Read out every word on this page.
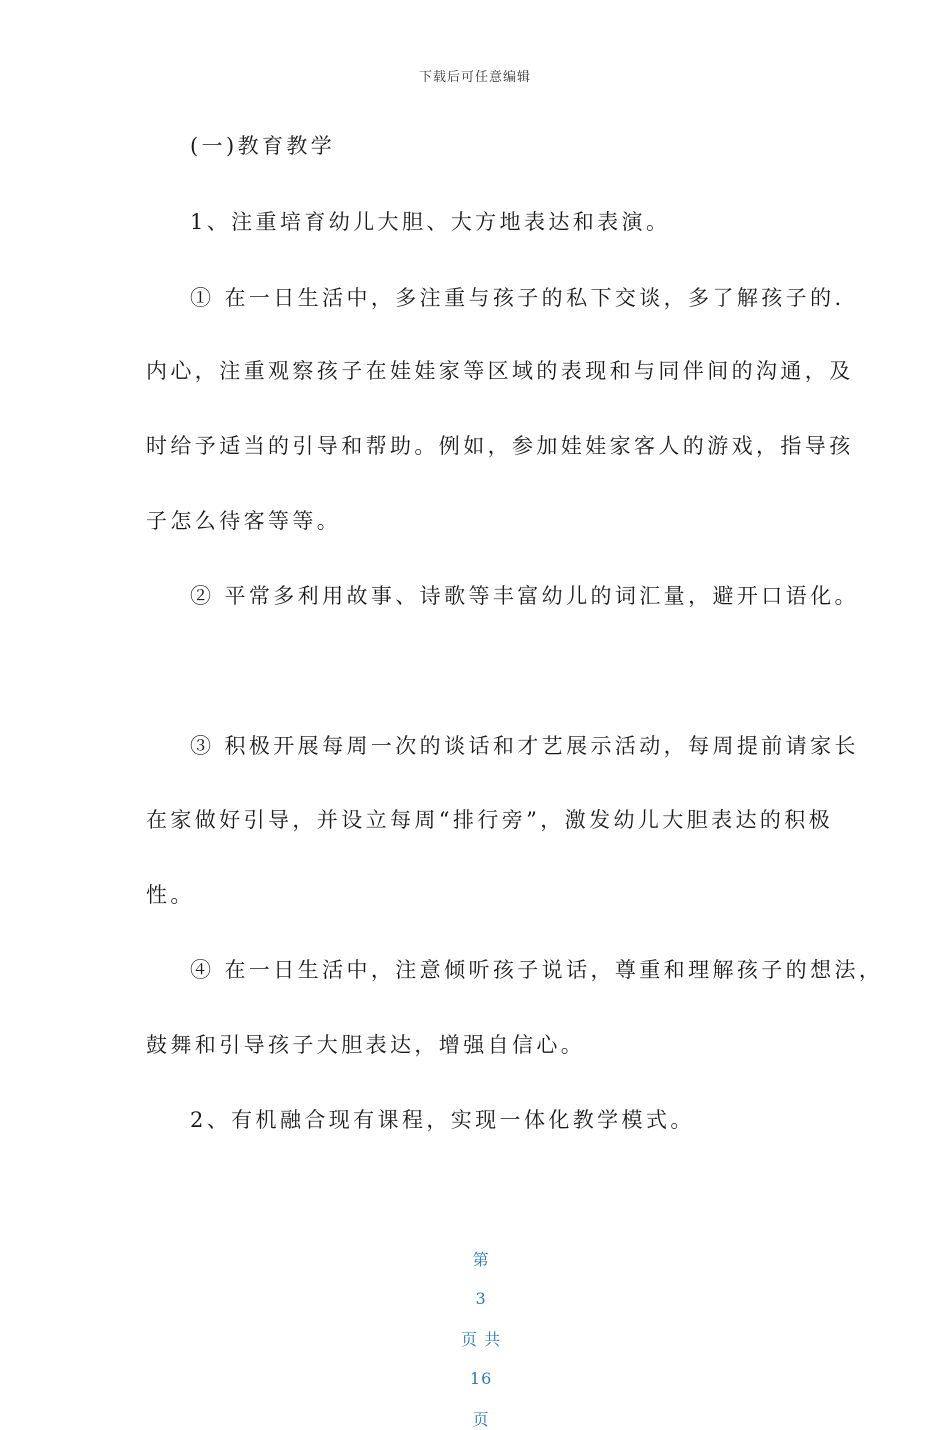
下载后可任意编辑
(一)教育教学
1、注重培育幼儿大胆、大方地表达和表演。
① 在一日生活中，多注重与孩子的私下交谈，多了解孩子的.
内心，注重观察孩子在娃娃家等区域的表现和与同伴间的沟通，及
时给予适当的引导和帮助。例如，参加娃娃家客人的游戏，指导孩
子怎么待客等等。
② 平常多利用故事、诗歌等丰富幼儿的词汇量，避开口语化。
③ 积极开展每周一次的谈话和才艺展示活动，每周提前请家长
在家做好引导，并设立每周“排行旁”，激发幼儿大胆表达的积极
性。
④ 在一日生活中，注意倾听孩子说话，尊重和理解孩子的想法，
鼓舞和引导孩子大胆表达，增强自信心。
2、有机融合现有课程，实现一体化教学模式。

第

3

页 共

16

页
